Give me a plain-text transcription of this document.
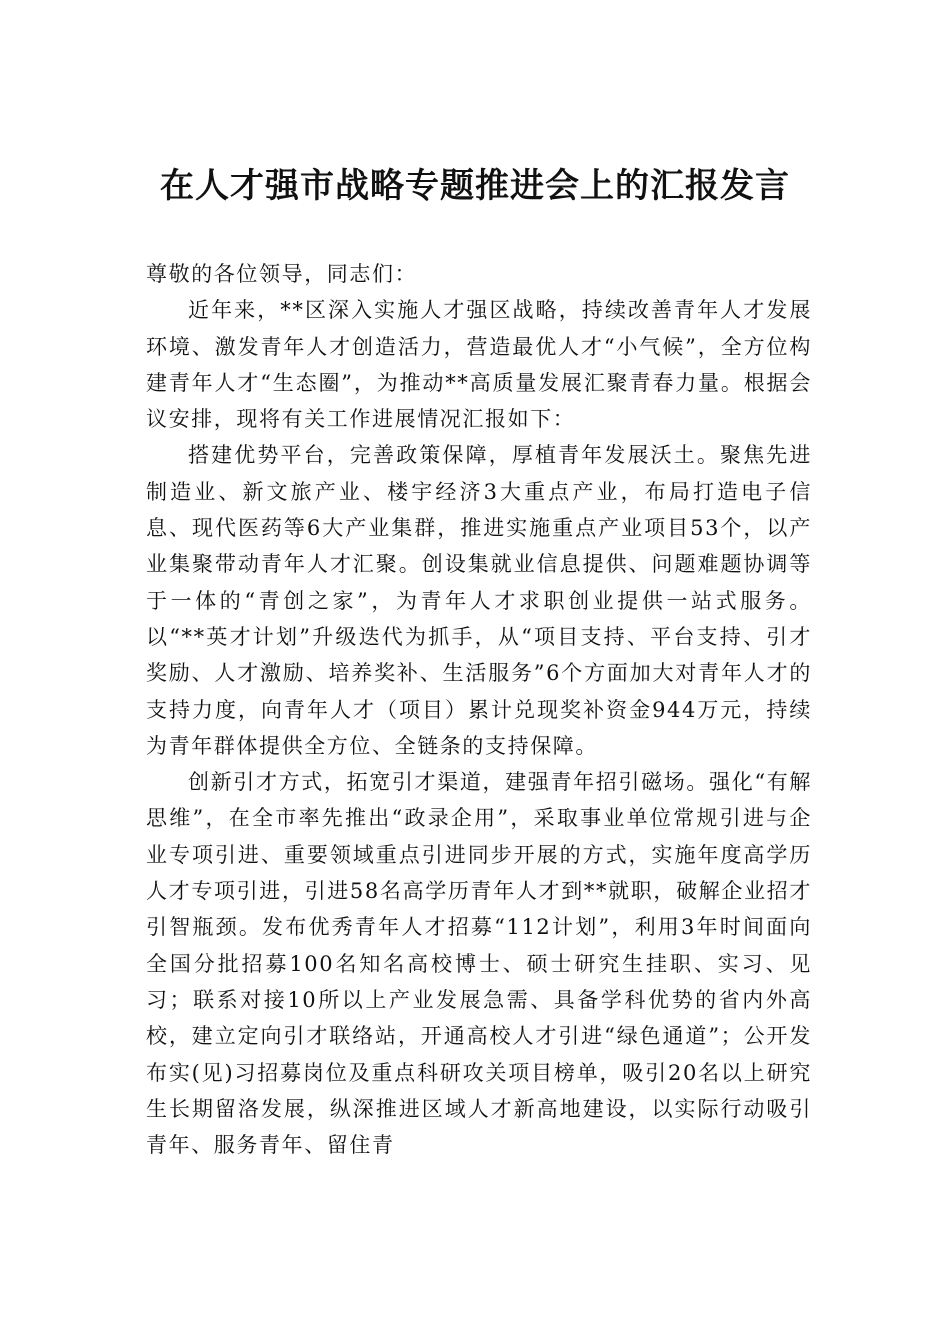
在人才强市战略专题推进会上的汇报发言

尊敬的各位领导，同志们：

近年来，**区深入实施人才强区战略，持续改善青年人才发展环境、激发青年人才创造活力，营造最优人才“小气候”，全方位构建青年人才“生态圈”，为推动**高质量发展汇聚青春力量。根据会议安排，现将有关工作进展情况汇报如下：

搭建优势平台，完善政策保障，厚植青年发展沃土。聚焦先进制造业、新文旅产业、楼宇经济3大重点产业，布局打造电子信息、现代医药等6大产业集群，推进实施重点产业项目53个，以产业集聚带动青年人才汇聚。创设集就业信息提供、问题难题协调等于一体的“青创之家”，为青年人才求职创业提供一站式服务。以“**英才计划”升级迭代为抓手，从“项目支持、平台支持、引才奖励、人才激励、培养奖补、生活服务”6个方面加大对青年人才的支持力度，向青年人才（项目）累计兑现奖补资金944万元，持续为青年群体提供全方位、全链条的支持保障。

创新引才方式，拓宽引才渠道，建强青年招引磁场。强化“有解思维”，在全市率先推出“政录企用”，采取事业单位常规引进与企业专项引进、重要领域重点引进同步开展的方式，实施年度高学历人才专项引进，引进58名高学历青年人才到**就职，破解企业招才引智瓶颈。发布优秀青年人才招募“112计划”，利用3年时间面向全国分批招募100名知名高校博士、硕士研究生挂职、实习、见习；联系对接10所以上产业发展急需、具备学科优势的省内外高校，建立定向引才联络站，开通高校人才引进“绿色通道”；公开发布实(见)习招募岗位及重点科研攻关项目榜单，吸引20名以上研究生长期留洛发展，纵深推进区域人才新高地建设，以实际行动吸引青年、服务青年、留住青
